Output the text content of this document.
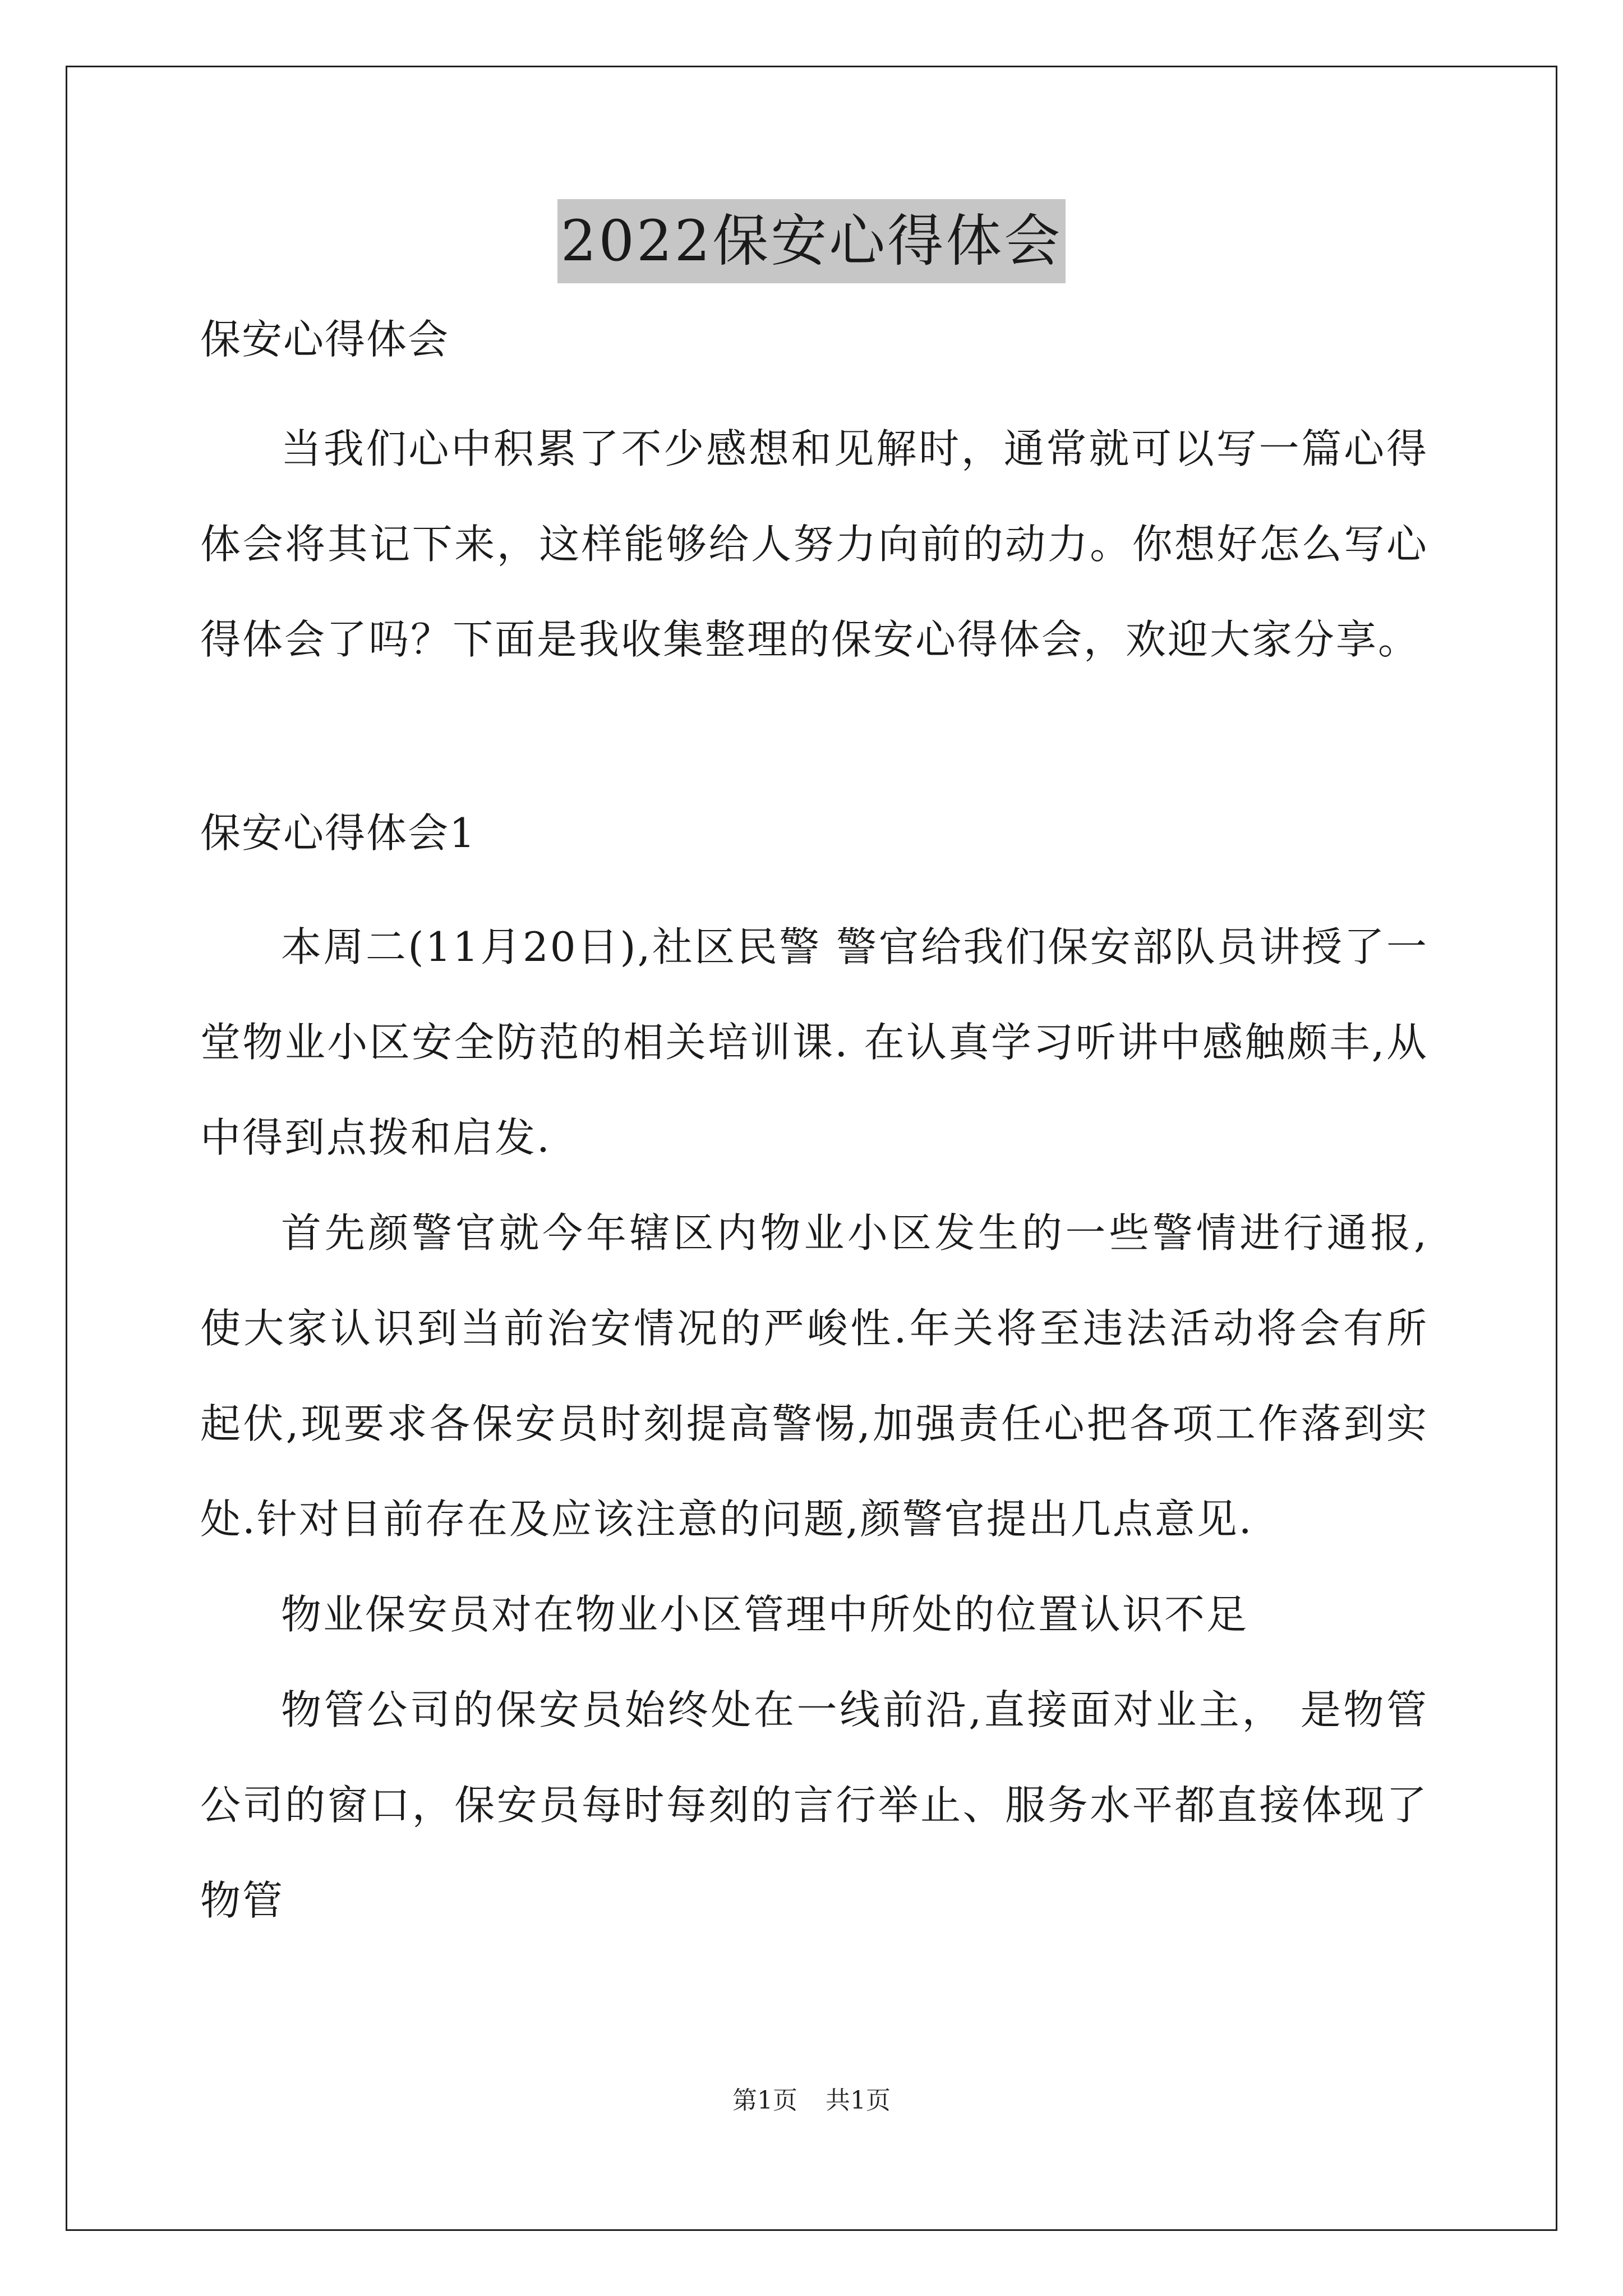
2022保安心得体会

保安心得体会

当我们心中积累了不少感想和见解时，通常就可以写一篇心得体会将其记下来，这样能够给人努力向前的动力。你想好怎么写心得体会了吗？下面是我收集整理的保安心得体会，欢迎大家分享。

保安心得体会1

本周二(11月20日),社区民警 警官给我们保安部队员讲授了一堂物业小区安全防范的相关培训课. 在认真学习听讲中感触颇丰,从中得到点拨和启发.

首先颜警官就今年辖区内物业小区发生的一些警情进行通报,使大家认识到当前治安情况的严峻性.年关将至违法活动将会有所起伏,现要求各保安员时刻提高警惕,加强责任心把各项工作落到实处.针对目前存在及应该注意的问题,颜警官提出几点意见.

物业保安员对在物业小区管理中所处的位置认识不足

物管公司的保安员始终处在一线前沿,直接面对业主， 是物管公司的窗口，保安员每时每刻的言行举止、服务水平都直接体现了物管

第1页 共1页
